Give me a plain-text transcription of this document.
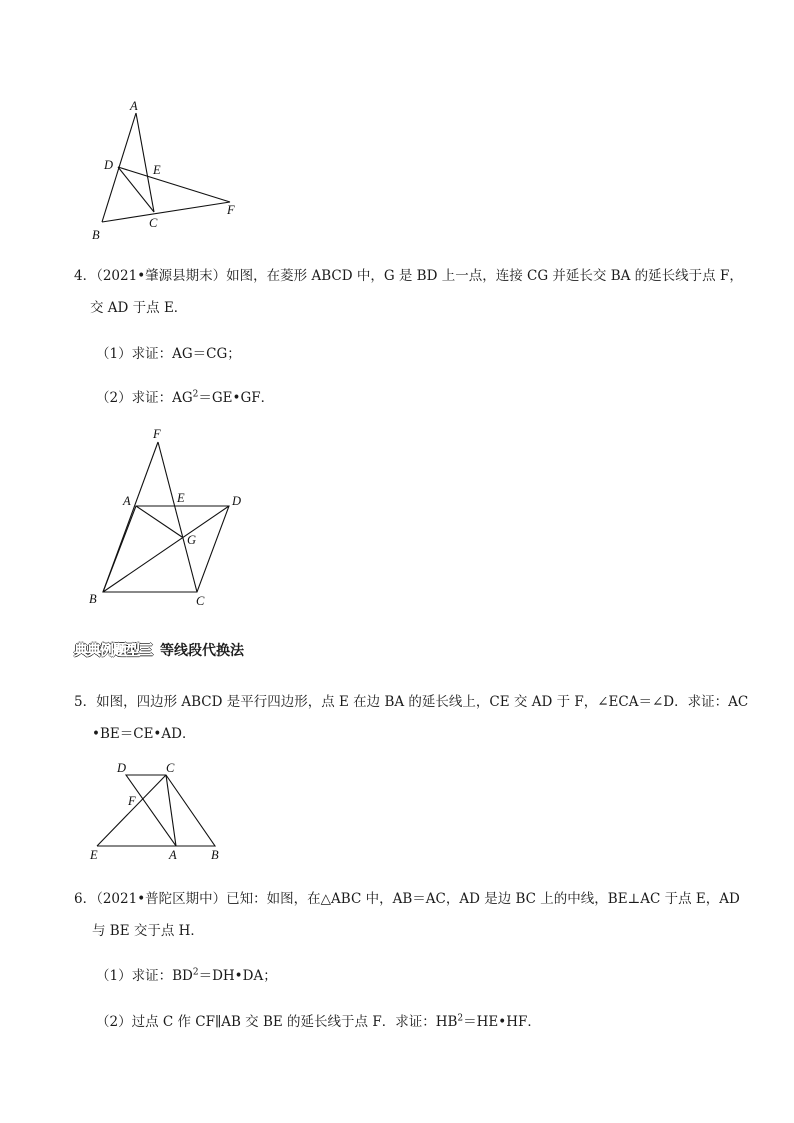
A
B
C
D	E
F
4．（2021•肇源县期末）如图，在菱形 ABCD 中，G 是 BD 上一点，连接 CG 并延长交 BA 的延长线于点 F，
交 AD 于点 E．
（1）求证：AG＝CG；
（2）求证：$AG^2=GE•GF$．
F
A	E	D
G
B	C
典典例题型三 等线段代换法
5．如图，四边形 ABCD 是平行四边形，点 E 在边 BA 的延长线上，CE 交 AD 于 F，∠ECA＝∠D．求证：AC
•BE＝CE•AD．
D	C
F
E	A	B
6．（2021•普陀区期中）已知：如图，在△ABC 中，AB＝AC，AD 是边 BC 上的中线，BE⊥AC 于点 E，AD
与 BE 交于点 H．
（1）求证：$BD^2=DH•DA$；
（2）过点 C 作 CF∥AB 交 BE 的延长线于点 F．求证：$HB^2=HE•HF$．
